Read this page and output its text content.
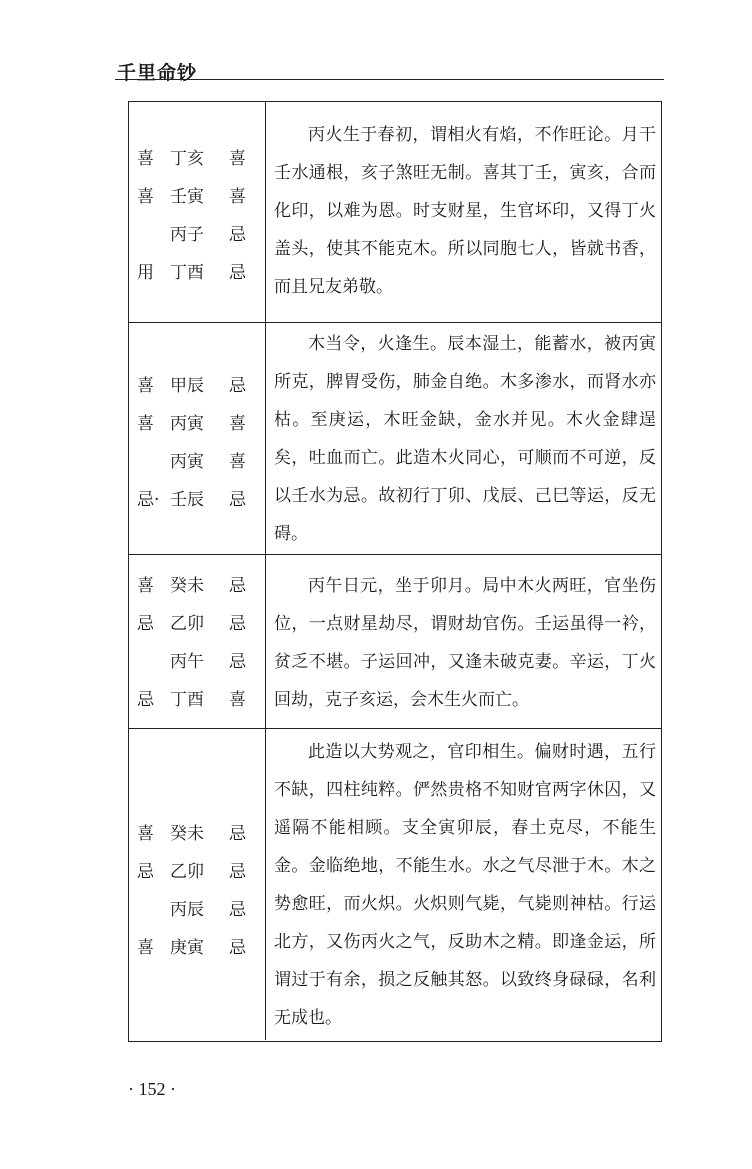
千里命钞
喜 丁亥 喜
喜 壬寅 喜
丙子 忌
用 丁酉 忌

丙火生于春初，谓相火有焰，不作旺论。月干壬水通根，亥子煞旺无制。喜其丁壬，寅亥，合而化印，以难为恩。时支财星，生官坏印，又得丁火盖头，使其不能克木。所以同胞七人，皆就书香，而且兄友弟敬。

喜 甲辰 忌
喜 丙寅 喜
丙寅 喜
忌· 壬辰 忌

木当令，火逢生。辰本湿土，能蓄水，被丙寅所克，脾胃受伤，肺金自绝。木多渗水，而肾水亦枯。至庚运，木旺金缺，金水并见。木火金肆逞矣，吐血而亡。此造木火同心，可顺而不可逆，反以壬水为忌。故初行丁卯、戊辰、己巳等运，反无碍。

喜 癸未 忌
忌 乙卯 忌
丙午 忌
忌 丁酉 喜

丙午日元，坐于卯月。局中木火两旺，官坐伤位，一点财星劫尽，谓财劫官伤。壬运虽得一衿，贫乏不堪。子运回冲，又逢未破克妻。辛运，丁火回劫，克子亥运，会木生火而亡。

喜 癸未 忌
忌 乙卯 忌
丙辰 忌
喜 庚寅 忌

此造以大势观之，官印相生。偏财时遇，五行不缺，四柱纯粹。俨然贵格不知财官两字休囚，又遥隔不能相顾。支全寅卯辰，春土克尽，不能生金。金临绝地，不能生水。水之气尽泄于木。木之势愈旺，而火炽。火炽则气毙，气毙则神枯。行运北方，又伤丙火之气，反助木之精。即逢金运，所谓过于有余，损之反触其怒。以致终身碌碌，名利无成也。

· 152 ·
